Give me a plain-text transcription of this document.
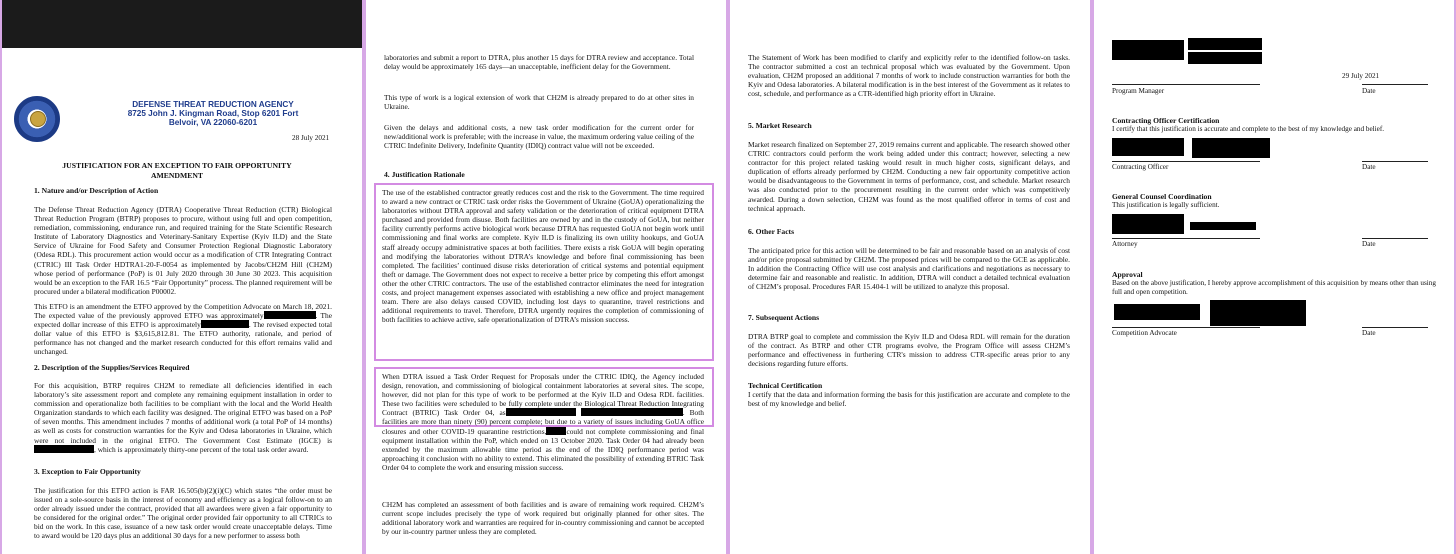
DEFENSE THREAT REDUCTION AGENCY
8725 John J. Kingman Road, Stop 6201 Fort
Belvoir, VA 22060-6201
28 July 2021
JUSTIFICATION FOR AN EXCEPTION TO FAIR OPPORTUNITY AMENDMENT
1. Nature and/or Description of Action
The Defense Threat Reduction Agency (DTRA) Cooperative Threat Reduction (CTR) Biological Threat Reduction Program (BTRP) proposes to procure, without using full and open competition, remediation, commissioning, endurance run, and required training for the State Scientific Research Institute of Laboratory Diagnostics and Veterinary-Sanitary Expertise (Kyiv ILD) and the State Service of Ukraine for Food Safety and Consumer Protection Regional Diagnostic Laboratory (Odesa RDL). This procurement action would occur as a modification of CTR Integrating Contract (CTRIC) III Task Order HDTRA1-20-F-0054 as implemented by Jacobs/CH2M Hill (CH2M) whose period of performance (PoP) is 01 July 2020 through 30 June 30 2023. This acquisition would be an exception to the FAR 16.5 “Fair Opportunity” process. The planned requirement will be procured under a bilateral modification P00002.
This ETFO is an amendment the ETFO approved by the Competition Advocate on March 18, 2021. The expected value of the previously approved ETFO was approximately	. The expected dollar increase of this ETFO is approximately	. The revised expected total dollar value of this ETFO is $3,615,812.81. The ETFO authority, rationale, and period of performance has not changed and the market research conducted for this effort remains valid and unchanged.
2. Description of the Supplies/Services Required
For this acquisition, BTRP requires CH2M to remediate all deficiencies identified in each laboratory’s site assessment report and complete any remaining equipment installation in order to commission and operationalize both facilities to be compliant with the local and the World Health Organization standards to which each facility was designed. The original ETFO was based on a PoP of seven months. This amendment includes 7 months of additional work (a total PoP of 14 months) as well as costs for construction warranties for the Kyiv and Odesa laboratories in Ukraine, which were not included in the original ETFO. The Government Cost Estimate (IGCE) is, which is approximately thirty-one percent of the total task order award.
3. Exception to Fair Opportunity
The justification for this ETFO action is FAR 16.505(b)(2)(i)(C) which states “the order must be issued on a sole-source basis in the interest of economy and efficiency as a logical follow-on to an order already issued under the contract, provided that all awardees were given a fair opportunity to be considered for the original order.” The original order provided fair opportunity to all CTRICs to bid on the work. In this case, issuance of a new task order would create unacceptable delays. Time to award would be 120 days plus an additional 30 days for a new performer to assess both
laboratories and submit a report to DTRA, plus another 15 days for DTRA review and acceptance. Total delay would be approximately 165 days—an unacceptable, inefficient delay for the Government.
This type of work is a logical extension of work that CH2M is already prepared to do at other sites in Ukraine.
Given the delays and additional costs, a new task order modification for the current order for new/additional work is preferable; with the increase in value, the maximum ordering value ceiling of the CTRIC Indefinite Delivery, Indefinite Quantity (IDIQ) contract value will not be exceeded.
4. Justification Rationale
The use of the established contractor greatly reduces cost and the risk to the Government. The time required to award a new contract or CTRIC task order risks the Government of Ukraine (GoUA) operationalizing the laboratories without DTRA approval and safety validation or the deterioration of critical equipment DTRA purchased and provided from disuse. Both facilities are owned by and in the custody of GoUA, but neither facility currently performs active biological work because DTRA has requested GoUA not begin work until commissioning and final works are complete. Kyiv ILD is finalizing its own utility hookups, and GoUA staff already occupy administrative spaces at both facilities. There exists a risk GoUA will begin operating and modifying the laboratories without DTRA’s knowledge and before final commissioning has been completed. The facilities’ continued disuse risks deterioration of critical systems and potential equipment theft or damage. The Government does not expect to receive a better price by competing this effort amongst other the other CTRIC contractors. The use of the established contractor eliminates the need for integration costs, and project management expenses associated with establishing a new office and project management team. There are also delays caused COVID, including lost days to quarantine, travel restrictions and additional requirements to travel. Therefore, DTRA urgently requires the completion of commissioning of both facilities to achieve active, safe operationalization of DTRA’s mission success.
When DTRA issued a Task Order Request for Proposals under the CTRIC IDIQ, the Agency included design, renovation, and commissioning of biological containment laboratories at several sites. The scope, however, did not plan for this type of work to be performed at the Kyiv ILD and Odesa RDL facilities. These two facilities were scheduled to be fully complete under the Biological Threat Reduction Integrating Contract (BTRIC) Task Order 04, as	. Both facilities are more than ninety (90) percent complete; but due to a variety of issues including GoUA office closures and other COVID-19 quarantine restrictions,	could not complete commissioning and final equipment installation within the PoP, which ended on 13 October 2020. Task Order 04 had already been extended by the maximum allowable time period as the end of the IDIQ performance period was approaching it conclusion with no ability to extend. This eliminated the possibility of extending BTRIC Task Order 04 to complete the work and ensuring mission success.
CH2M has completed an assessment of both facilities and is aware of remaining work required. CH2M’s current scope includes precisely the type of work required but originally planned for other sites. The additional laboratory work and warranties are required for in-country commissioning and cannot be accepted by our in-country partner unless they are completed.
The Statement of Work has been modified to clarify and explicitly refer to the identified follow-on tasks. The contractor submitted a cost an technical proposal which was evaluated by the Government. Upon evaluation, CH2M proposed an additional 7 months of work to include construction warranties for both the Kyiv and Odesa laboratories. A bilateral modification is in the best interest of the Government as it relates to cost, schedule, and performance as a CTR-identified high priority effort in Ukraine.
5. Market Research
Market research finalized on September 27, 2019 remains current and applicable. The research showed other CTRIC contractors could perform the work being added under this contract; however, selecting a new contractor for this project related tasking would result in much higher costs, significant delays, and duplication of efforts already performed by CH2M. Conducting a new fair opportunity competitive action would be disadvantageous to the Government in terms of performance, cost, and schedule. Market research was also conducted prior to the procurement resulting in the current order which was competitively awarded. During a down selection, CH2M was found as the most qualified offeror in terms of cost and technical approach.
6. Other Facts
The anticipated price for this action will be determined to be fair and reasonable based on an analysis of cost and/or price proposal submitted by CH2M. The proposed prices will be compared to the GCE as applicable. In addition the Contracting Office will use cost analysis and clarifications and negotiations as necessary to determine fair and reasonable and realistic. In addition, DTRA will conduct a detailed technical evaluation of CH2M’s proposal. Procedures FAR 15.404-1 will be utilized to analyze this proposal.
7. Subsequent Actions
DTRA BTRP goal to complete and commission the Kyiv ILD and Odesa RDL will remain for the duration of the contract. As BTRP and other CTR programs evolve, the Program Office will assess CH2M’s performance and effectiveness in furthering CTR's mission to address CTR-specific areas prior to any decisions regarding future efforts.
Technical Certification
I certify that the data and information forming the basis for this justification are accurate and complete to the best of my knowledge and belief.
29 July 2021
Program Manager	Date
Contracting Officer Certification
I certify that this justification is accurate and complete to the best of my knowledge and belief.
Contracting Officer	Date
General Counsel Coordination
This justification is legally sufficient.
Attorney	Date
Approval
Based on the above justification, I hereby approve accomplishment of this acquisition by means other than using full and open competition.
Competition Advocate	Date
